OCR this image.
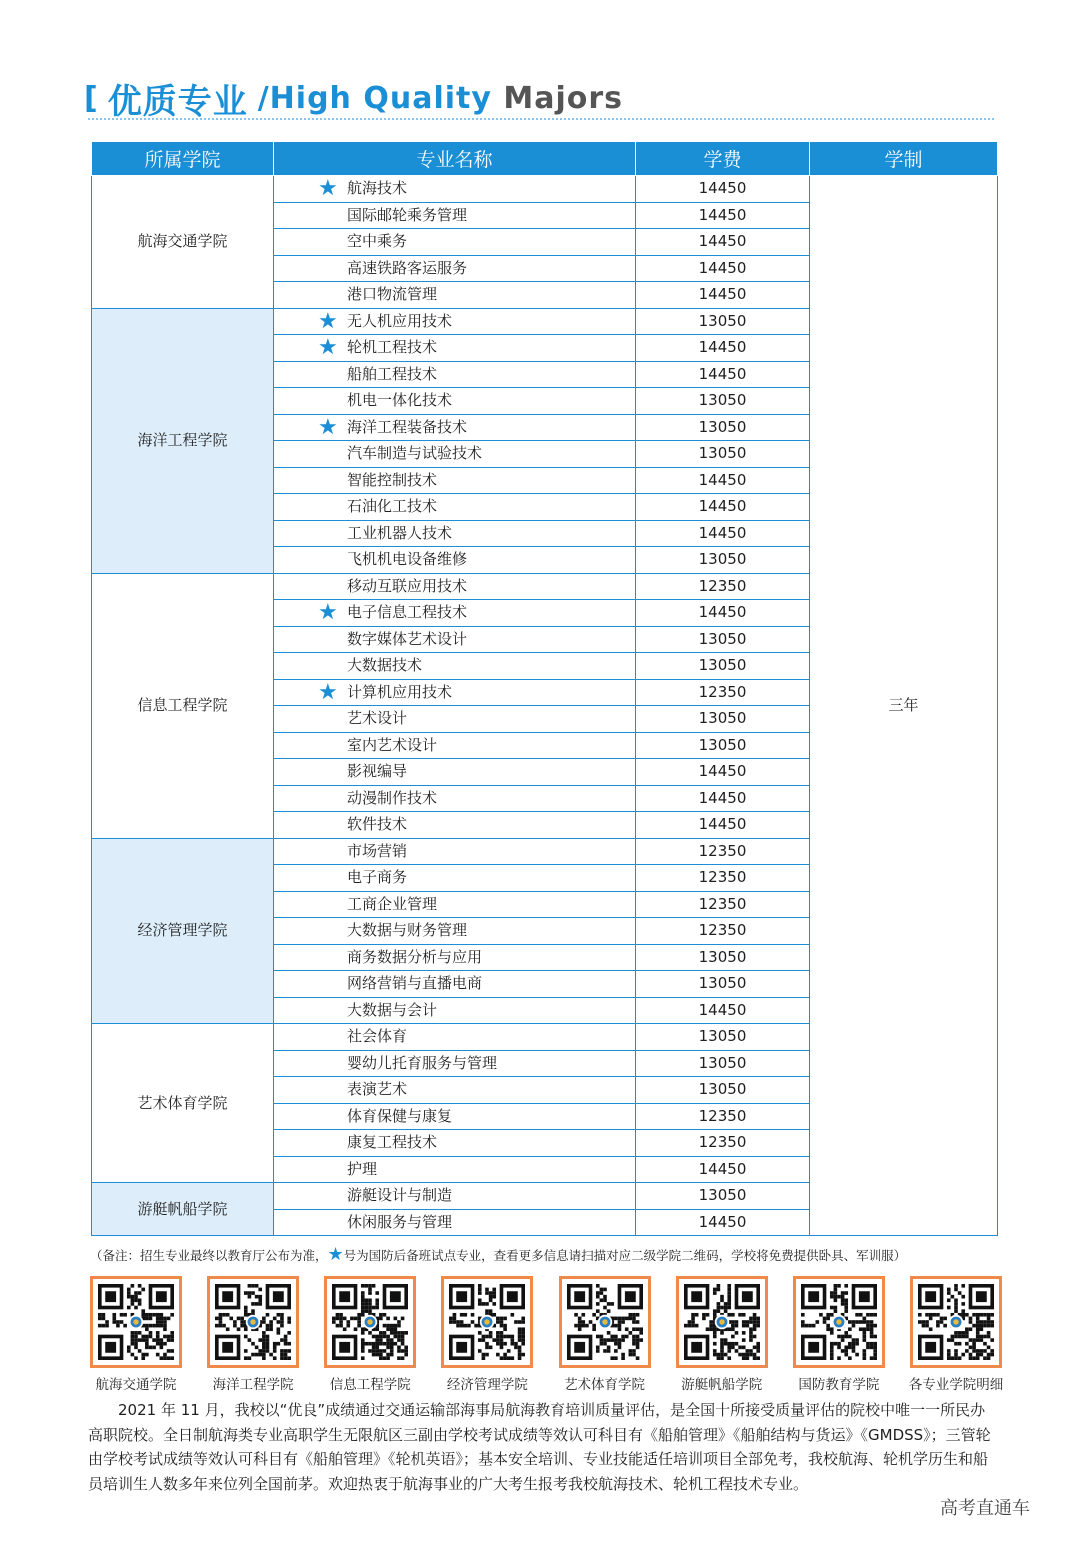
[ 优质专业 /High Quality Majors
所属学院	专业名称	学费	学制
航海交通学院	★ 航海技术	14450	三年
	国际邮轮乘务管理	14450	
	空中乘务	14450	
	高速铁路客运服务	14450	
	港口物流管理	14450	
海洋工程学院	★ 无人机应用技术	13050	

	★ 轮机工程技术	14450	
	船舶工程技术	14450	
	机电一体化技术	13050	

	★ 海洋工程装备技术	13050	
	汽车制造与试验技术	13050	
	智能控制技术	14450	
	石油化工技术	14450	
	工业机器人技术	14450	
	飞机机电设备维修	13050	
信息工程学院	移动互联应用技术	12350	

	★ 电子信息工程技术	14450	
	数字媒体艺术设计	13050	
	大数据技术	13050	

	★ 计算机应用技术	12350	
	艺术设计	13050	
	室内艺术设计	13050	
	影视编导	14450	
	动漫制作技术	14450	
	软件技术	14450	
经济管理学院	市场营销	12350	
	电子商务	12350	
	工商企业管理	12350	
	大数据与财务管理	12350	
	商务数据分析与应用	13050	
	网络营销与直播电商	13050	
	大数据与会计	14450	
艺术体育学院	社会体育	13050	
	婴幼儿托育服务与管理	13050	
	表演艺术	13050	
	体育保健与康复	12350	
	康复工程技术	12350	
	护理	14450	
游艇帆船学院	游艇设计与制造	13050	
	休闲服务与管理	14450	
（备注：招生专业最终以教育厅公布为准，★号为国防后备班试点专业，查看更多信息请扫描对应二级学院二维码，学校将免费提供卧具、军训服）
航海交通学院	海洋工程学院	信息工程学院	经济管理学院	艺术体育学院	游艇帆船学院	国防教育学院 各专业学院明细

2021 年 11 月，我校以“优良”成绩通过交通运输部海事局航海教育培训质量评估，是全国十所接受质量评估的院校中唯一一所民办高职院校。全日制航海类专业高职学生无限航区三副由学校考试成绩等效认可科目有《船舶管理》《船舶结构与货运》《GMDSS》；三管轮由学校考试成绩等效认可科目有《船舶管理》《轮机英语》；基本安全培训、专业技能适任培训项目全部免考，我校航海、轮机学历生和船员培训生人数多年来位列全国前茅。欢迎热衷于航海事业的广大考生报考我校航海技术、轮机工程技术专业。

高考直通车
